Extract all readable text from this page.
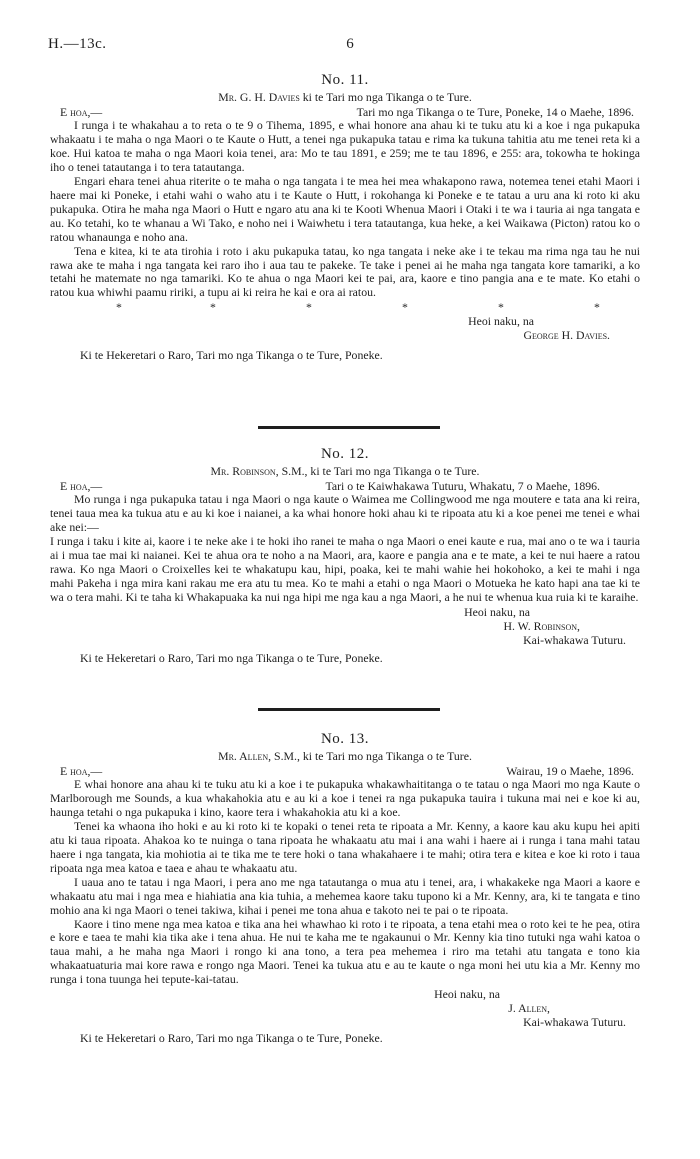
H.—13c.	6
No. 11.
Mr. G. H. Davies ki te Tari mo nga Tikanga o te Ture.
E hoa,—	Tari mo nga Tikanga o te Ture, Poneke, 14 o Maehe, 1896.

I runga i te whakahau a to reta o te 9 o Tihema, 1895, e whai honore ana ahau ki te tuku atu ki a koe i nga pukapuka whakaatu i te maha o nga Maori o te Kaute o Hutt, a tenei nga pukapuka tatau e rima ka tukuna tahitia atu me tenei reta ki a koe. Hui katoa te maha o nga Maori koia tenei, ara: Mo te tau 1891, e 259; me te tau 1896, e 255: ara, tokowha te hokinga iho o tenei tatautanga i to tera tatautanga.

Engari ehara tenei ahua riterite o te maha o nga tangata i te mea hei mea whakapono rawa, notemea tenei etahi Maori i haere mai ki Poneke, i etahi wahi o waho atu i te Kaute o Hutt, i rokohanga ki Poneke e te tatau a uru ana ki roto ki aku pukapuka. Otira he maha nga Maori o Hutt e ngaro atu ana ki te Kooti Whenua Maori i Otaki i te wa i tauria ai nga tangata e au. Ko tetahi, ko te whanau a Wi Tako, e noho nei i Waiwhetu i tera tatautanga, kua heke, a kei Waikawa (Picton) ratou ko o ratou whanaunga e noho ana.

Tena e kitea, ki te ata tirohia i roto i aku pukapuka tatau, ko nga tangata i neke ake i te tekau ma rima nga tau he nui rawa ake te maha i nga tangata kei raro iho i aua tau te pakeke. Te take i penei ai he maha nga tangata kore tamariki, a ko tetahi he matemate no nga tamariki. Ko te ahua o nga Maori kei te pai, ara, kaore e tino pangia ana e te mate. Ko etahi o ratou kua whiwhi paamu ririki, a tupu ai ki reira he kai e ora ai ratou.

*	*	*	*	*	*
Heoi naku, na
George H. Davies.
Ki te Hekeretari o Raro, Tari mo nga Tikanga o te Ture, Poneke.
No. 12.
Mr. Robinson, S.M., ki te Tari mo nga Tikanga o te Ture.
E hoa,—	Tari o te Kaiwhakawa Tuturu, Whakatu, 7 o Maehe, 1896.

Mo runga i nga pukapuka tatau i nga Maori o nga kaute o Waimea me Collingwood me nga moutere e tata ana ki reira, tenei taua mea ka tukua atu e au ki koe i naianei, a ka whai honore hoki ahau ki te ripoata atu ki a koe penei me tenei e whai ake nei:—

I runga i taku i kite ai, kaore i te neke ake i te hoki iho ranei te maha o nga Maori o enei kaute e rua, mai ano o te wa i tauria ai i mua tae mai ki naianei. Kei te ahua ora te noho a na Maori, ara, kaore e pangia ana e te mate, a kei te nui haere a ratou rawa. Ko nga Maori o Croixelles kei te whakatupu kau, hipi, poaka, kei te mahi wahie hei hokohoko, a kei te mahi i nga mahi Pakeha i nga mira kani rakau me era atu tu mea. Ko te mahi a etahi o nga Maori o Motueka he kato hapi ana tae ki te wa o tera mahi. Ki te taha ki Whakapuaka ka nui nga hipi me nga kau a nga Maori, a he nui te whenua kua ruia ki te karaihe.

Heoi naku, na
H. W. Robinson,
Kai-whakawa Tuturu.
Ki te Hekeretari o Raro, Tari mo nga Tikanga o te Ture, Poneke.
No. 13.
Mr. Allen, S.M., ki te Tari mo nga Tikanga o te Ture.
E hoa,—	Wairau, 19 o Maehe, 1896.

E whai honore ana ahau ki te tuku atu ki a koe i te pukapuka whakawhaititanga o te tatau o nga Maori mo nga Kaute o Marlborough me Sounds, a kua whakahokia atu e au ki a koe i tenei ra nga pukapuka tauira i tukuna mai nei e koe ki au, haunga tetahi o nga pukapuka i kino, kaore tera i whakahokia atu ki a koe.

Tenei ka whaona iho hoki e au ki roto ki te kopaki o tenei reta te ripoata a Mr. Kenny, a kaore kau aku kupu hei apiti atu ki taua ripoata. Ahakoa ko te nuinga o tana ripoata he whakaatu atu mai i ana wahi i haere ai i runga i tana mahi tatau haere i nga tangata, kia mohiotia ai te tika me te tere hoki o tana whakahaere i te mahi; otira tera e kitea e koe ki roto i taua ripoata nga mea katoa e taea e ahau te whakaatu atu.

I uaua ano te tatau i nga Maori, i pera ano me nga tatautanga o mua atu i tenei, ara, i whakakeke nga Maori a kaore e whakaatu atu mai i nga mea e hiahiatia ana kia tuhia, a mehemea kaore taku tupono ki a Mr. Kenny, ara, ki te tangata e tino mohio ana ki nga Maori o tenei takiwa, kihai i penei me tona ahua e takoto nei te pai o te ripoata.

Kaore i tino mene nga mea katoa e tika ana hei whawhao ki roto i te ripoata, a tena etahi mea o roto kei te he pea, otira e kore e taea te mahi kia tika ake i tena ahua. He nui te kaha me te ngakaunui o Mr. Kenny kia tino tutuki nga wahi katoa o taua mahi, a he maha nga Maori i rongo ki ana tono, a tera pea mehemea i riro ma tetahi atu tangata e tono kia whakaatuaturia mai kore rawa e rongo nga Maori. Tenei ka tukua atu e au te kaute o nga moni hei utu kia a Mr. Kenny mo runga i tona tuunga hei tepute-kai-tatau.

Heoi naku, na
J. Allen,
Kai-whakawa Tuturu.
Ki te Hekeretari o Raro, Tari mo nga Tikanga o te Ture, Poneke.
